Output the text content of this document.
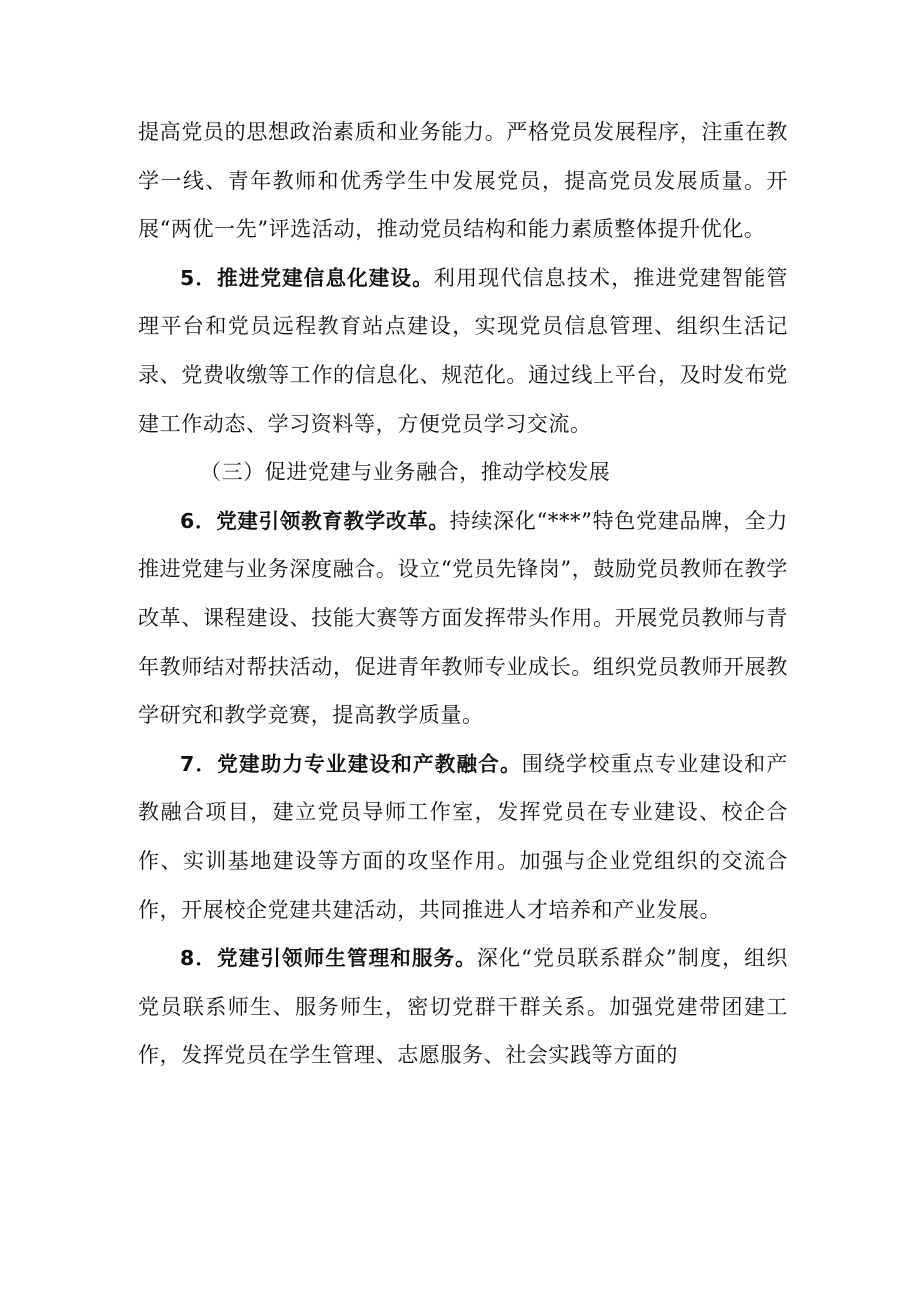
提高党员的思想政治素质和业务能力。严格党员发展程序，注重在教学一线、青年教师和优秀学生中发展党员，提高党员发展质量。开展“两优一先”评选活动，推动党员结构和能力素质整体提升优化。

5．推进党建信息化建设。利用现代信息技术，推进党建智能管理平台和党员远程教育站点建设，实现党员信息管理、组织生活记录、党费收缴等工作的信息化、规范化。通过线上平台，及时发布党建工作动态、学习资料等，方便党员学习交流。

（三）促进党建与业务融合，推动学校发展

6．党建引领教育教学改革。持续深化“***”特色党建品牌，全力推进党建与业务深度融合。设立“党员先锋岗”，鼓励党员教师在教学改革、课程建设、技能大赛等方面发挥带头作用。开展党员教师与青年教师结对帮扶活动，促进青年教师专业成长。组织党员教师开展教学研究和教学竞赛，提高教学质量。

7．党建助力专业建设和产教融合。围绕学校重点专业建设和产教融合项目，建立党员导师工作室，发挥党员在专业建设、校企合作、实训基地建设等方面的攻坚作用。加强与企业党组织的交流合作，开展校企党建共建活动，共同推进人才培养和产业发展。

8．党建引领师生管理和服务。深化“党员联系群众”制度，组织党员联系师生、服务师生，密切党群干群关系。加强党建带团建工作，发挥党员在学生管理、志愿服务、社会实践等方面的
